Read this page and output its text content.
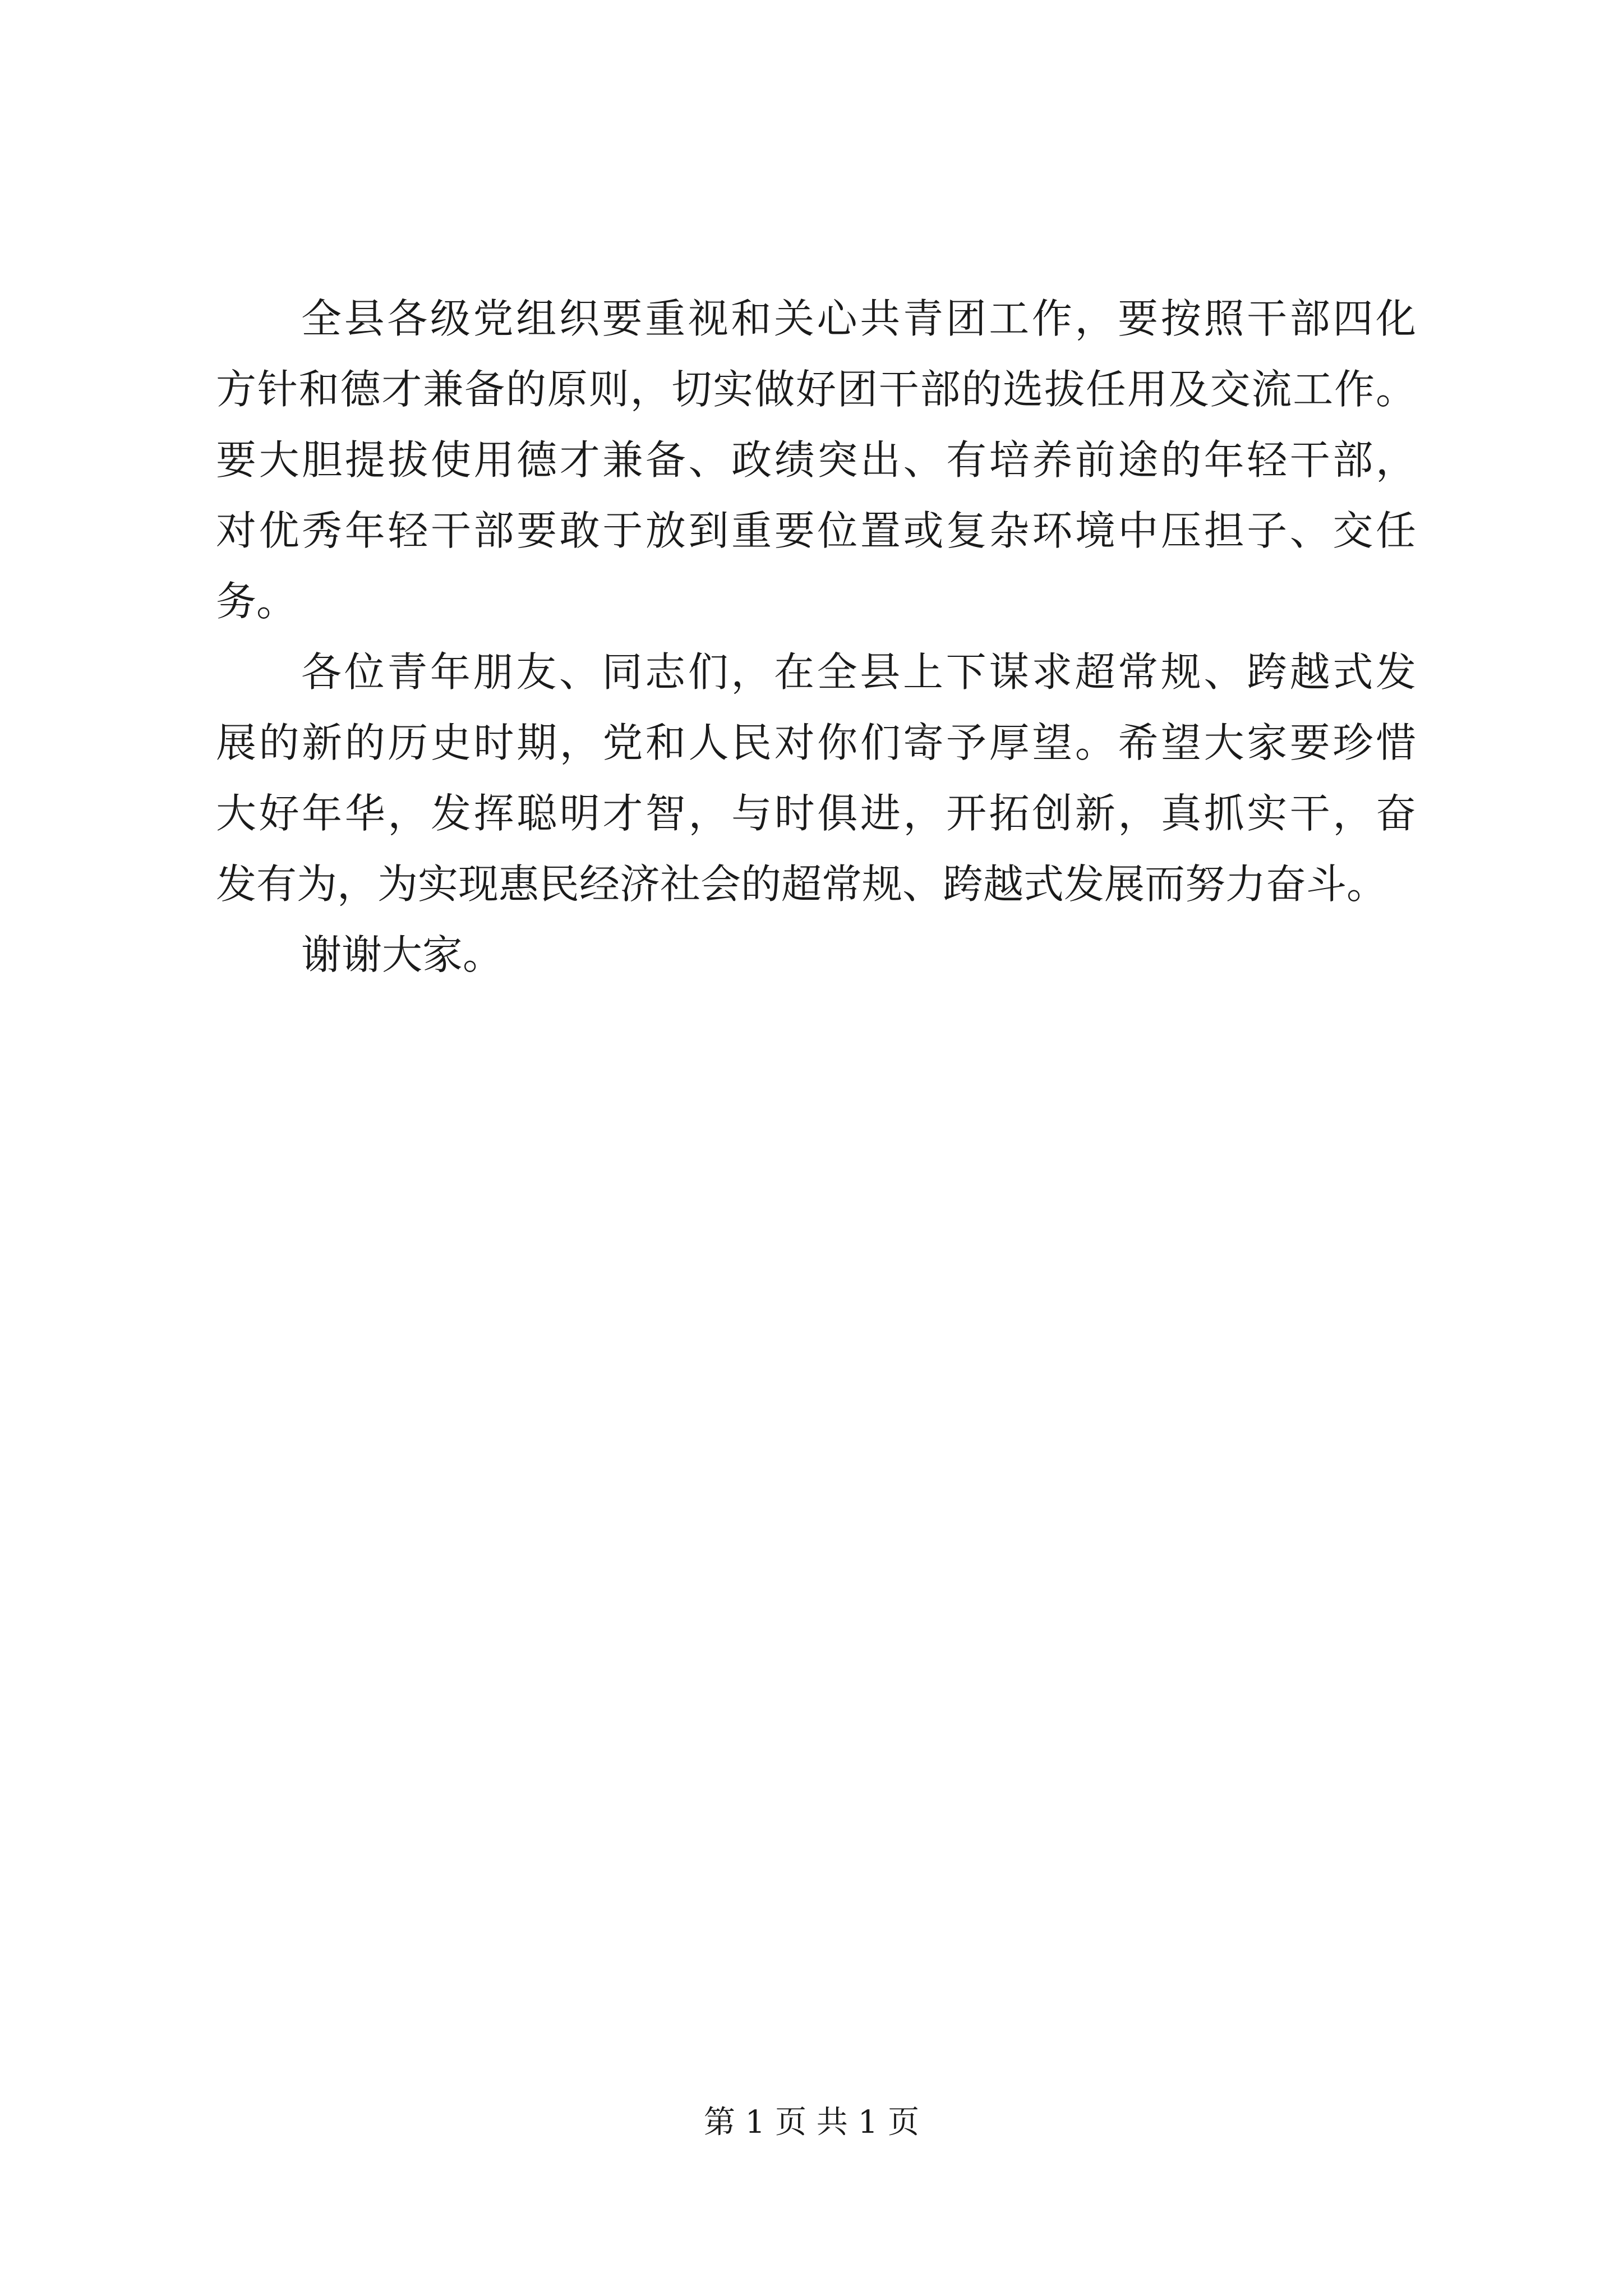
全县各级党组织要重视和关心共青团工作，要按照干部四化
方针和德才兼备的原则，切实做好团干部的选拔任用及交流工作。
要大胆提拔使用德才兼备、政绩突出、有培养前途的年轻干部，
对优秀年轻干部要敢于放到重要位置或复杂环境中压担子、交任
务。
各位青年朋友、同志们，在全县上下谋求超常规、跨越式发
展的新的历史时期，党和人民对你们寄予厚望。希望大家要珍惜
大好年华，发挥聪明才智，与时俱进，开拓创新，真抓实干，奋
发有为，为实现惠民经济社会的超常规、跨越式发展而努力奋斗。
谢谢大家。
第 1 页 共 1 页
